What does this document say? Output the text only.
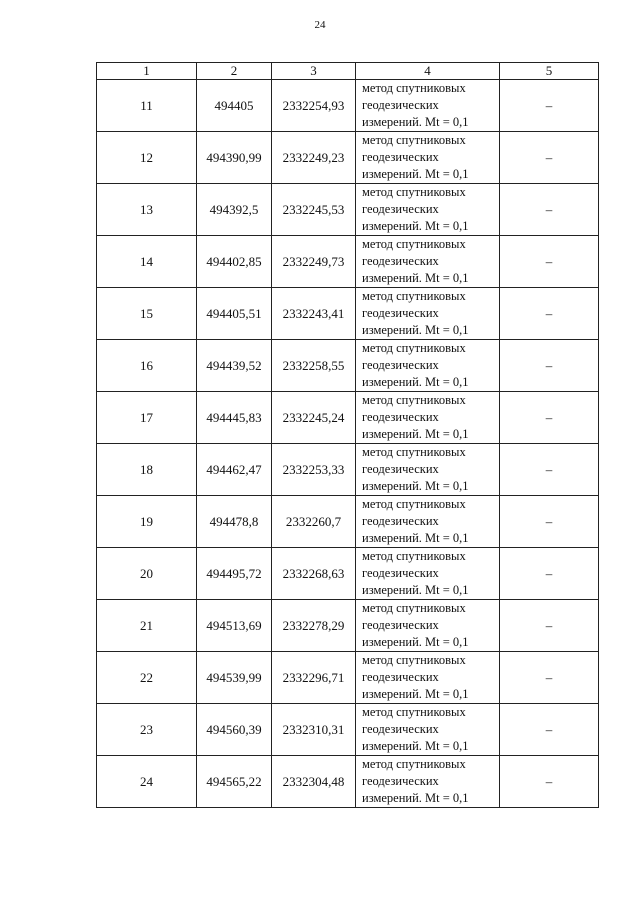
24
1	2	3	4	5
11	494405	2332254,93	метод спутниковых
геодезических
измерений. Mt = 0,1	–
12	494390,99	2332249,23	метод спутниковых
геодезических
измерений. Mt = 0,1	–
13	494392,5	2332245,53	метод спутниковых
геодезических
измерений. Mt = 0,1	–
14	494402,85	2332249,73	метод спутниковых
геодезических
измерений. Mt = 0,1	–
15	494405,51	2332243,41	метод спутниковых
геодезических
измерений. Mt = 0,1	–
16	494439,52	2332258,55	метод спутниковых
геодезических
измерений. Mt = 0,1	–
17	494445,83	2332245,24	метод спутниковых
геодезических
измерений. Mt = 0,1	–
18	494462,47	2332253,33	метод спутниковых
геодезических
измерений. Mt = 0,1	–
19	494478,8	2332260,7	метод спутниковых
геодезических
измерений. Mt = 0,1	–
20	494495,72	2332268,63	метод спутниковых
геодезических
измерений. Mt = 0,1	–
21	494513,69	2332278,29	метод спутниковых
геодезических
измерений. Mt = 0,1	–
22	494539,99	2332296,71	метод спутниковых
геодезических
измерений. Mt = 0,1	–
23	494560,39	2332310,31	метод спутниковых
геодезических
измерений. Mt = 0,1	–
24	494565,22	2332304,48	метод спутниковых
геодезических
измерений. Mt = 0,1	–
